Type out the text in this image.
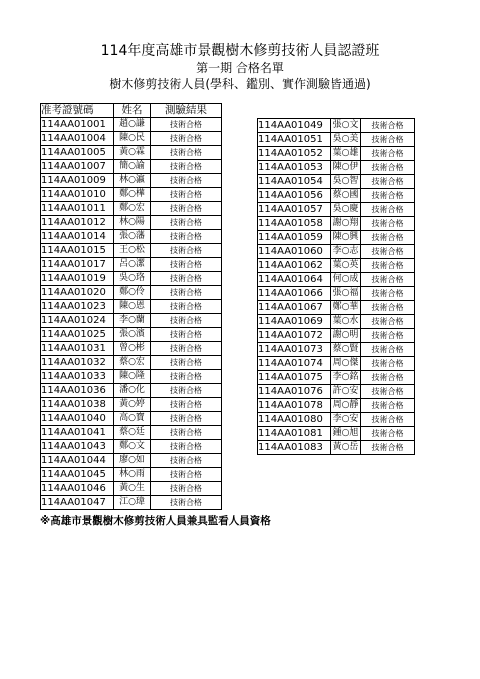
114年度高雄市景觀樹木修剪技術人員認證班
第一期 合格名單
樹木修剪技術人員(學科、鑑別、實作測驗皆通過)
准考證號碼	姓名	測驗結果
114AA01001	趙○謙	技術合格
114AA01004	陳○民	技術合格
114AA01005	黃○霖	技術合格
114AA01007	簡○諭	技術合格
114AA01009	林○瀛	技術合格
114AA01010	鄭○樺	技術合格
114AA01011	鄭○宏	技術合格
114AA01012	林○陽	技術合格
114AA01014	張○藩	技術合格
114AA01015	王○松	技術合格
114AA01017	呂○潔	技術合格
114AA01019	吳○珞	技術合格
114AA01020	鄭○伶	技術合格
114AA01023	陳○恩	技術合格
114AA01024	李○蘭	技術合格
114AA01025	張○濱	技術合格
114AA01031	曾○彬	技術合格
114AA01032	蔡○宏	技術合格
114AA01033	陳○隆	技術合格
114AA01036	潘○化	技術合格
114AA01038	黃○婷	技術合格
114AA01040	高○寶	技術合格
114AA01041	蔡○廷	技術合格
114AA01043	鄭○文	技術合格
114AA01044	廖○如	技術合格
114AA01045	林○雨	技術合格
114AA01046	黃○生	技術合格
114AA01047	江○瑋	技術合格
114AA01049	張○文	技術合格
114AA01051	吳○美	技術合格
114AA01052	葉○雄	技術合格
114AA01053	陳○伊	技術合格
114AA01054	吳○智	技術合格
114AA01056	蔡○國	技術合格
114AA01057	吳○慶	技術合格
114AA01058	謝○翔	技術合格
114AA01059	陳○興	技術合格
114AA01060	李○志	技術合格
114AA01062	葉○英	技術合格
114AA01064	何○成	技術合格
114AA01066	張○福	技術合格
114AA01067	鄭○華	技術合格
114AA01069	葉○水	技術合格
114AA01072	謝○明	技術合格
114AA01073	蔡○賢	技術合格
114AA01074	周○傑	技術合格
114AA01075	李○銘	技術合格
114AA01076	許○安	技術合格
114AA01078	周○靜	技術合格
114AA01080	李○安	技術合格
114AA01081	鍾○旭	技術合格
114AA01083	黃○岳	技術合格
※高雄市景觀樹木修剪技術人員兼具監看人員資格
